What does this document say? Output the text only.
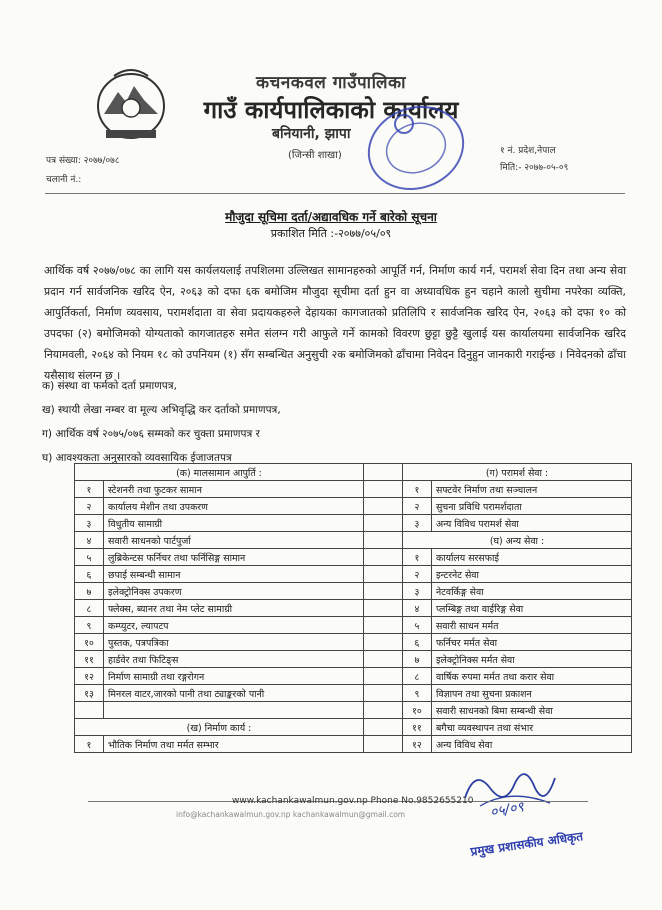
कचनकवल गाउँपालिका
गाउँ कार्यपालिकाको कार्यालय
बनियानी, झापा
(जिन्सी शाखा)	१ नं. प्रदेश,नेपाल
मिति:- २०७७-०५-०९
पत्र संख्या: २०७७/०७८
चलानी नं.:
मौजुदा सूचिमा दर्ता/अद्यावधिक गर्ने बारेको सूचना
प्रकाशित मिति :-२०७७/०५/०९
आर्थिक वर्ष २०७७/०७८ का लागि यस कार्यलयलाई तपशिलमा उल्लिखत सामानहरुको आपूर्ति गर्न, निर्माण कार्य गर्न, परामर्श सेवा दिन तथा अन्य सेवा प्रदान गर्न सार्वजनिक खरिद ऐन, २०६३ को दफा ६क बमोजिम मौजुदा सूचीमा दर्ता हुन वा अध्यावधिक हुन चहाने कालो सुचीमा नपरेका व्यक्ति, आपुर्तिकर्ता, निर्माण व्यवसाय, परामर्शदाता वा सेवा प्रदायकहरुले देहायका कागजातको प्रतिलिपि र सार्वजनिक खरिद ऐन, २०६३ को दफा १० को उपदफा (२) बमोजिमको योग्यताको कागजातहरु समेत संलग्न गरी आफुले गर्ने कामको विवरण छुट्टा छुट्टै खुलाई यस कार्यालयमा सार्वजनिक खरिद नियामवली, २०६४ को नियम १८ को उपनियम (१) सँग सम्बन्धित अनुसुची २क बमोजिमको ढाँचामा निवेदन दिनुहुन जानकारी गराईन्छ । निवेदनको ढाँचा यसैसाथ संलग्न छ ।
क) संस्था वा फर्मको दर्ता प्रमाणपत्र,
ख) स्थायी लेखा नम्बर वा मूल्य अभिवृद्धि कर दर्ताको प्रमाणपत्र,
ग) आर्थिक वर्ष २०७५/०७६ सम्मको कर चुक्ता प्रमाणपत्र र
घ) आवश्यकता अनुसारको व्यवसायिक ईजाजतपत्र
(क) मालसामान आपुर्ति :			(ग) परामर्श सेवा :	
१	स्टेशनरी तथा फुटकर सामान		१	सफ्टवेर निर्माण तथा सञ्चालन
२	कार्यालय मेशीन तथा उपकरण		२	सुचना प्रविधि परामर्शदाता
३	विधुतीय सामाग्री		३	अन्य विविध परामर्श सेवा
४	सवारी साधनको पार्टपुर्जा		(घ) अन्य सेवा :	
५	लुब्रिकेन्टस फर्निचर तथा फर्निसिङ्ग सामान		१	कार्यालय सरसफाई
६	छपाई सम्बन्धी सामान		२	इन्टरनेट सेवा
७	इलेक्ट्रोनिक्स उपकरण		३	नेटवर्किङ्ग सेवा
८	फ्लेक्स, ब्यानर तथा नेम प्लेट सामाग्री		४	प्लम्बिङ्ग तथा वाईरिङ्ग सेवा
९	कम्प्युटर, ल्यापटप		५	सवारी साधन मर्मत
१०	पुस्तक, पत्रपत्रिका		६	फर्निचर मर्मत सेवा
११	हार्डवेर तथा फिटिङ्स		७	इलेक्ट्रोनिक्स मर्मत सेवा
१२	निर्माण सामाग्री तथा रङ्गरोगन		८	वार्षिक रुपमा मर्मत तथा करार सेवा
१३	मिनरल वाटर,जारको पानी तथा ट्याङ्करको पानी		९	विज्ञापन तथा सुचना प्रकाशन
			१०	सवारी साधनको बिमा सम्बन्धी सेवा
(ख) निर्माण कार्य :			११	बगैचा व्यवस्थापन तथा संभार
१	भौतिक निर्माण तथा मर्मत सम्भार		१२	अन्य विविध सेवा
०५/०९
प्रमुख प्रशासकीय अधिकृत
www.kachankawalmun.gov.np Phone No.9852655210
info@kachankawalmun.gov.np kachankawalmun@gmail.com
